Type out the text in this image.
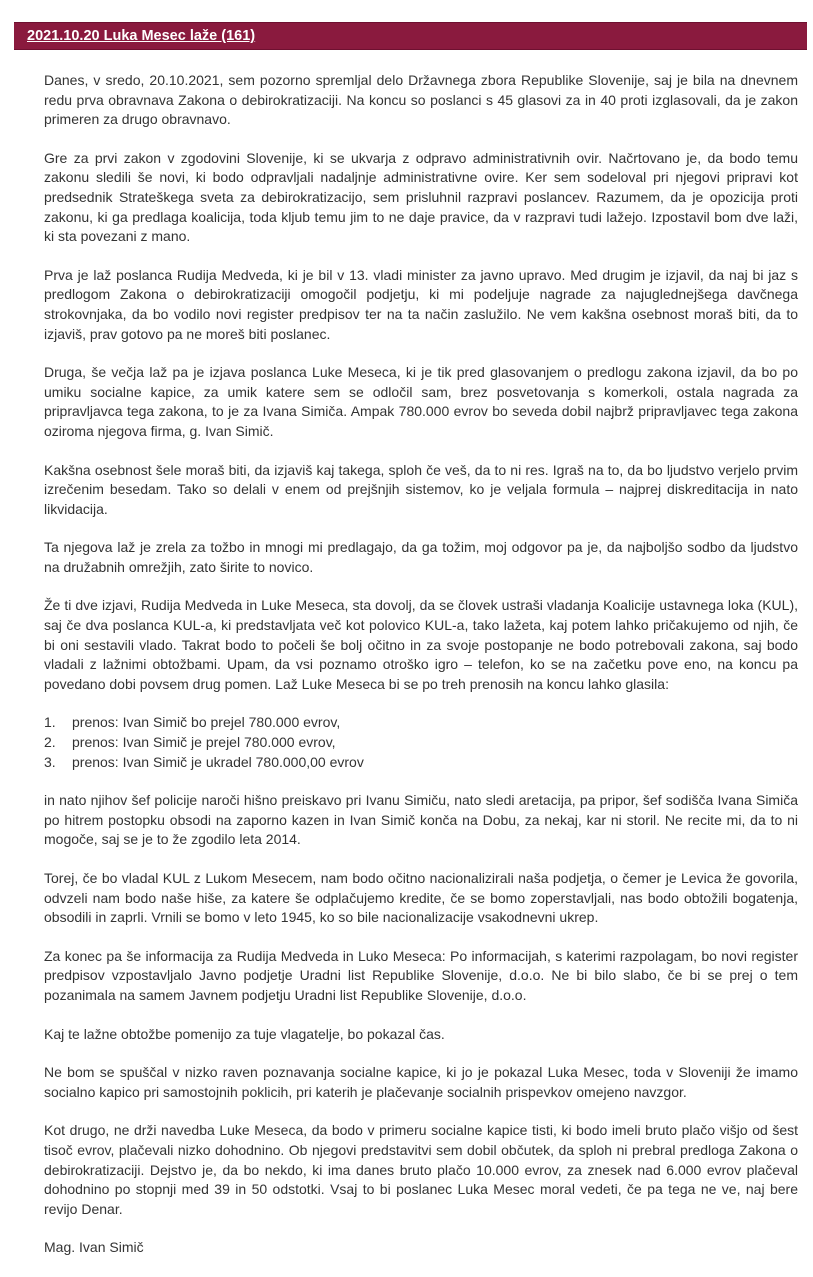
2021.10.20 Luka Mesec laže (161)

Danes, v sredo, 20.10.2021, sem pozorno spremljal delo Državnega zbora Republike Slovenije, saj je bila na dnevnem redu prva obravnava Zakona o debirokratizaciji. Na koncu so poslanci s 45 glasovi za in 40 proti izglasovali, da je zakon primeren za drugo obravnavo.

Gre za prvi zakon v zgodovini Slovenije, ki se ukvarja z odpravo administrativnih ovir. Načrtovano je, da bodo temu zakonu sledili še novi, ki bodo odpravljali nadaljnje administrativne ovire. Ker sem sodeloval pri njegovi pripravi kot predsednik Strateškega sveta za debirokratizacijo, sem prisluhnil razpravi poslancev. Razumem, da je opozicija proti zakonu, ki ga predlaga koalicija, toda kljub temu jim to ne daje pravice, da v razpravi tudi lažejo. Izpostavil bom dve laži, ki sta povezani z mano.

Prva je laž poslanca Rudija Medveda, ki je bil v 13. vladi minister za javno upravo. Med drugim je izjavil, da naj bi jaz s predlogom Zakona o debirokratizaciji omogočil podjetju, ki mi podeljuje nagrade za najuglednejšega davčnega strokovnjaka, da bo vodilo novi register predpisov ter na ta način zaslužilo. Ne vem kakšna osebnost moraš biti, da to izjaviš, prav gotovo pa ne moreš biti poslanec.

Druga, še večja laž pa je izjava poslanca Luke Meseca, ki je tik pred glasovanjem o predlogu zakona izjavil, da bo po umiku socialne kapice, za umik katere sem se odločil sam, brez posvetovanja s komerkoli, ostala nagrada za pripravljavca tega zakona, to je za Ivana Simiča. Ampak 780.000 evrov bo seveda dobil najbrž pripravljavec tega zakona oziroma njegova firma, g. Ivan Simič.

Kakšna osebnost šele moraš biti, da izjaviš kaj takega, sploh če veš, da to ni res. Igraš na to, da bo ljudstvo verjelo prvim izrečenim besedam. Tako so delali v enem od prejšnjih sistemov, ko je veljala formula – najprej diskreditacija in nato likvidacija.

Ta njegova laž je zrela za tožbo in mnogi mi predlagajo, da ga tožim, moj odgovor pa je, da najboljšo sodbo da ljudstvo na družabnih omrežjih, zato širite to novico.

Že ti dve izjavi, Rudija Medveda in Luke Meseca, sta dovolj, da se človek ustraši vladanja Koalicije ustavnega loka (KUL), saj če dva poslanca KUL-a, ki predstavljata več kot polovico KUL-a, tako lažeta, kaj potem lahko pričakujemo od njih, če bi oni sestavili vlado. Takrat bodo to počeli še bolj očitno in za svoje postopanje ne bodo potrebovali zakona, saj bodo vladali z lažnimi obtožbami. Upam, da vsi poznamo otroško igro – telefon, ko se na začetku pove eno, na koncu pa povedano dobi povsem drug pomen. Laž Luke Meseca bi se po treh prenosih na koncu lahko glasila:

1.	prenos: Ivan Simič bo prejel 780.000 evrov,
2.	prenos: Ivan Simič je prejel 780.000 evrov,
3.	prenos: Ivan Simič je ukradel 780.000,00 evrov

in nato njihov šef policije naroči hišno preiskavo pri Ivanu Simiču, nato sledi aretacija, pa pripor, šef sodišča Ivana Simiča po hitrem postopku obsodi na zaporno kazen in Ivan Simič konča na Dobu, za nekaj, kar ni storil. Ne recite mi, da to ni mogoče, saj se je to že zgodilo leta 2014.

Torej, če bo vladal KUL z Lukom Mesecem, nam bodo očitno nacionalizirali naša podjetja, o čemer je Levica že govorila, odvzeli nam bodo naše hiše, za katere še odplačujemo kredite, če se bomo zoperstavljali, nas bodo obtožili bogatenja, obsodili in zaprli. Vrnili se bomo v leto 1945, ko so bile nacionalizacije vsakodnevni ukrep.

Za konec pa še informacija za Rudija Medveda in Luko Meseca: Po informacijah, s katerimi razpolagam, bo novi register predpisov vzpostavljalo Javno podjetje Uradni list Republike Slovenije, d.o.o. Ne bi bilo slabo, če bi se prej o tem pozanimala na samem Javnem podjetju Uradni list Republike Slovenije, d.o.o.

Kaj te lažne obtožbe pomenijo za tuje vlagatelje, bo pokazal čas.

Ne bom se spuščal v nizko raven poznavanja socialne kapice, ki jo je pokazal Luka Mesec, toda v Sloveniji že imamo socialno kapico pri samostojnih poklicih, pri katerih je plačevanje socialnih prispevkov omejeno navzgor.

Kot drugo, ne drži navedba Luke Meseca, da bodo v primeru socialne kapice tisti, ki bodo imeli bruto plačo višjo od šest tisoč evrov, plačevali nizko dohodnino. Ob njegovi predstavitvi sem dobil občutek, da sploh ni prebral predloga Zakona o debirokratizaciji. Dejstvo je, da bo nekdo, ki ima danes bruto plačo 10.000 evrov, za znesek nad 6.000 evrov plačeval dohodnino po stopnji med 39 in 50 odstotki. Vsaj to bi poslanec Luka Mesec moral vedeti, če pa tega ne ve, naj bere revijo Denar.

Mag. Ivan Simič
